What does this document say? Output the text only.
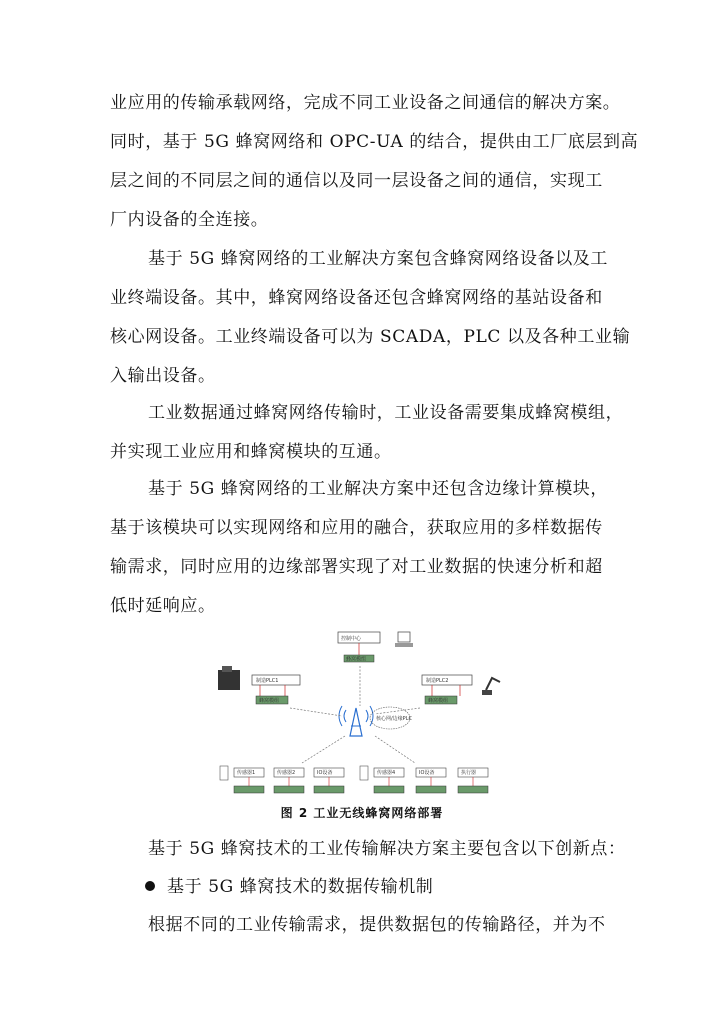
业应用的传输承载网络，完成不同工业设备之间通信的解决方案。
同时，基于 5G 蜂窝网络和 OPC-UA 的结合，提供由工厂底层到高
层之间的不同层之间的通信以及同一层设备之间的通信，实现工
厂内设备的全连接。
基于 5G 蜂窝网络的工业解决方案包含蜂窝网络设备以及工
业终端设备。其中，蜂窝网络设备还包含蜂窝网络的基站设备和
核心网设备。工业终端设备可以为 SCADA，PLC 以及各种工业输
入输出设备。
工业数据通过蜂窝网络传输时，工业设备需要集成蜂窝模组，
并实现工业应用和蜂窝模块的互通。
基于 5G 蜂窝网络的工业解决方案中还包含边缘计算模块，
基于该模块可以实现网络和应用的融合，获取应用的多样数据传
输需求，同时应用的边缘部署实现了对工业数据的快速分析和超
低时延响应。
控制中心
蜂窝模组
制造PLC1
蜂窝模组
制造PLC2
蜂窝模组
核心网/边缘PLC
传感器1	传感器2	IO设备	传感器4	IO设备	执行器
图 2 工业无线蜂窝网络部署
基于 5G 蜂窝技术的工业传输解决方案主要包含以下创新点：
基于 5G 蜂窝技术的数据传输机制
根据不同的工业传输需求，提供数据包的传输路径，并为不
